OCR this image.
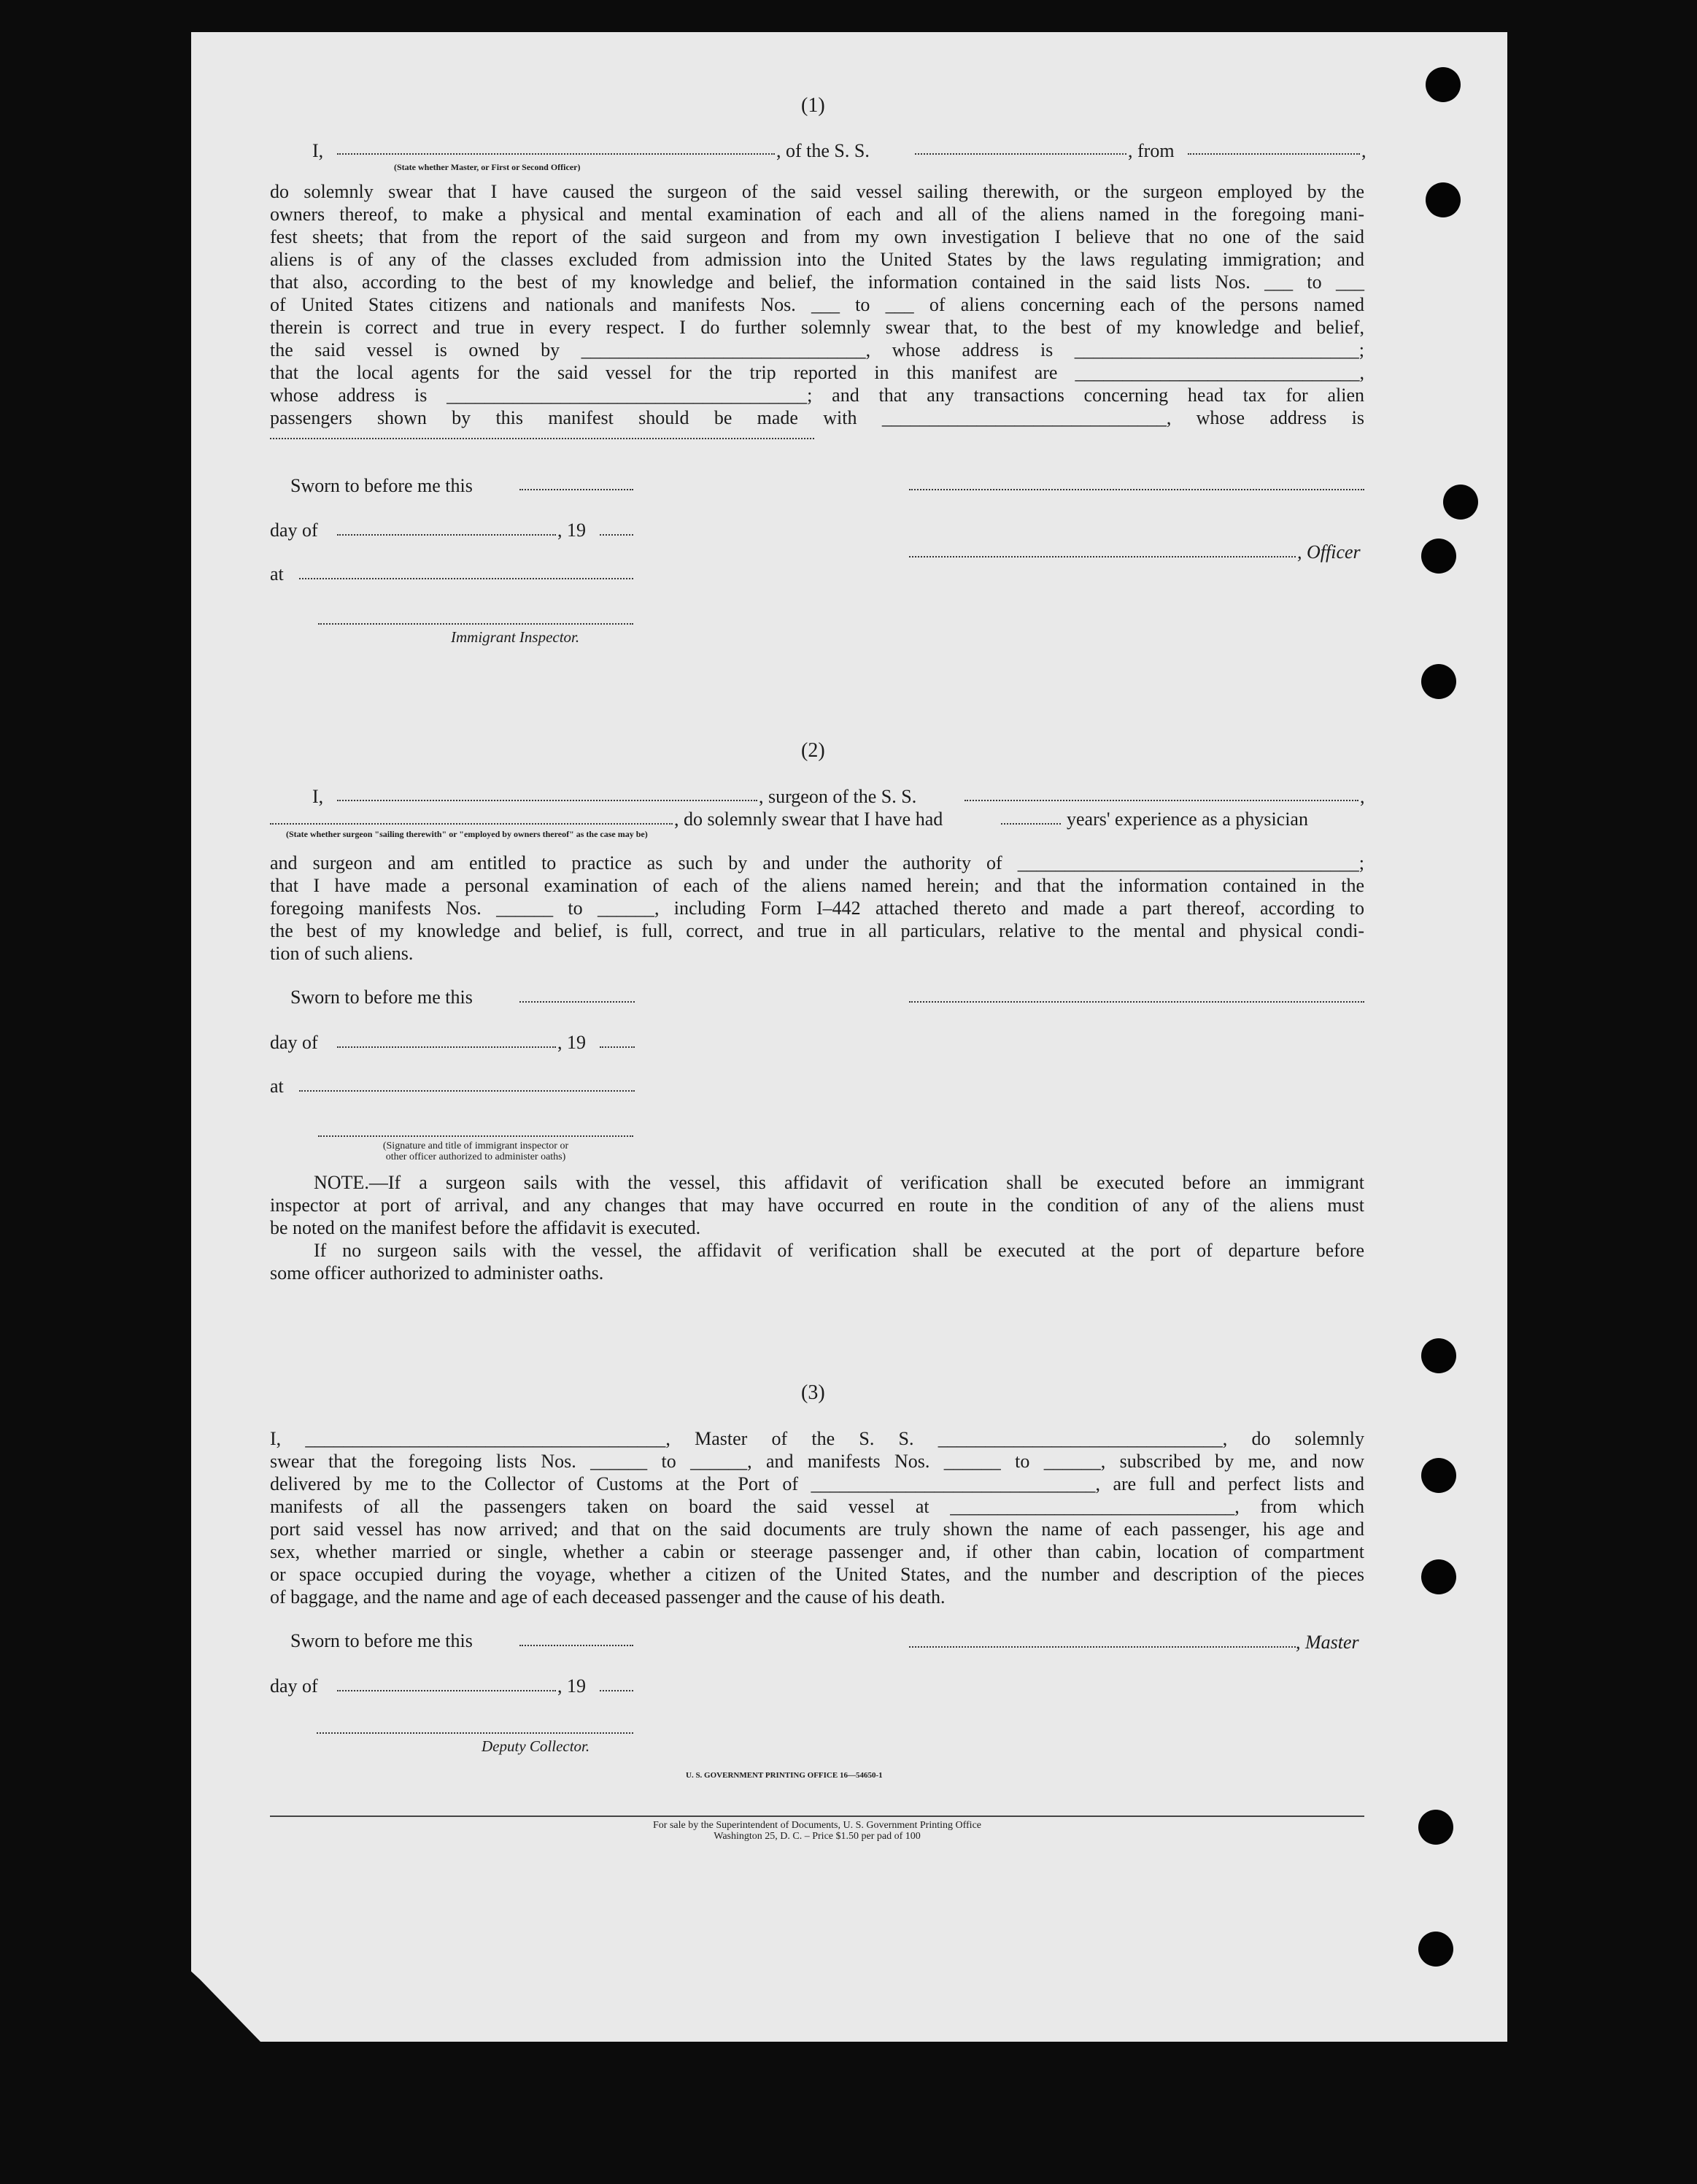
(1)
I,	, of the S. S.	, from	,
(State whether Master, or First or Second Officer)
do solemnly swear that I have caused the surgeon of the said vessel sailing therewith, or the surgeon employed by the
owners thereof, to make a physical and mental examination of each and all of the aliens named in the foregoing mani-
fest sheets; that from the report of the said surgeon and from my own investigation I believe that no one of the said
aliens is of any of the classes excluded from admission into the United States by the laws regulating immigration; and
that also, according to the best of my knowledge and belief, the information contained in the said lists Nos. ___ to ___
of United States citizens and nationals and manifests Nos. ___ to ___ of aliens concerning each of the persons named
therein is correct and true in every respect. I do further solemnly swear that, to the best of my knowledge and belief,
the said vessel is owned by ______________________________, whose address is ______________________________;
that the local agents for the said vessel for the trip reported in this manifest are ______________________________,
whose address is ______________________________________; and that any transactions concerning head tax for alien
passengers shown by this manifest should be made with ______________________________, whose address is
Sworn to before me this
day of	, 19
, Officer
at
Immigrant Inspector.
(2)
I,	, surgeon of the S. S.	,
, do solemnly swear that I have had	years' experience as a physician
(State whether surgeon "sailing therewith" or "employed by owners thereof" as the case may be)
and surgeon and am entitled to practice as such by and under the authority of ____________________________________;
that I have made a personal examination of each of the aliens named herein; and that the information contained in the
foregoing manifests Nos. ______ to ______, including Form I–442 attached thereto and made a part thereof, according to
the best of my knowledge and belief, is full, correct, and true in all particulars, relative to the mental and physical condi-
tion of such aliens.
Sworn to before me this
day of	, 19
at
(Signature and title of immigrant inspector or
other officer authorized to administer oaths)
NOTE.—If a surgeon sails with the vessel, this affidavit of verification shall be executed before an immigrant
inspector at port of arrival, and any changes that may have occurred en route in the condition of any of the aliens must
be noted on the manifest before the affidavit is executed.
If no surgeon sails with the vessel, the affidavit of verification shall be executed at the port of departure before
some officer authorized to administer oaths.
(3)
I, ______________________________________, Master of the S. S. ______________________________, do solemnly
swear that the foregoing lists Nos. ______ to ______, and manifests Nos. ______ to ______, subscribed by me, and now
delivered by me to the Collector of Customs at the Port of ______________________________, are full and perfect lists and
manifests of all the passengers taken on board the said vessel at ______________________________, from which
port said vessel has now arrived; and that on the said documents are truly shown the name of each passenger, his age and
sex, whether married or single, whether a cabin or steerage passenger and, if other than cabin, location of compartment
or space occupied during the voyage, whether a citizen of the United States, and the number and description of the pieces
of baggage, and the name and age of each deceased passenger and the cause of his death.
Sworn to before me this	, Master
day of	, 19
Deputy Collector.
U. S. GOVERNMENT PRINTING OFFICE 16—54650-1
For sale by the Superintendent of Documents, U. S. Government Printing Office
Washington 25, D. C. – Price $1.50 per pad of 100
